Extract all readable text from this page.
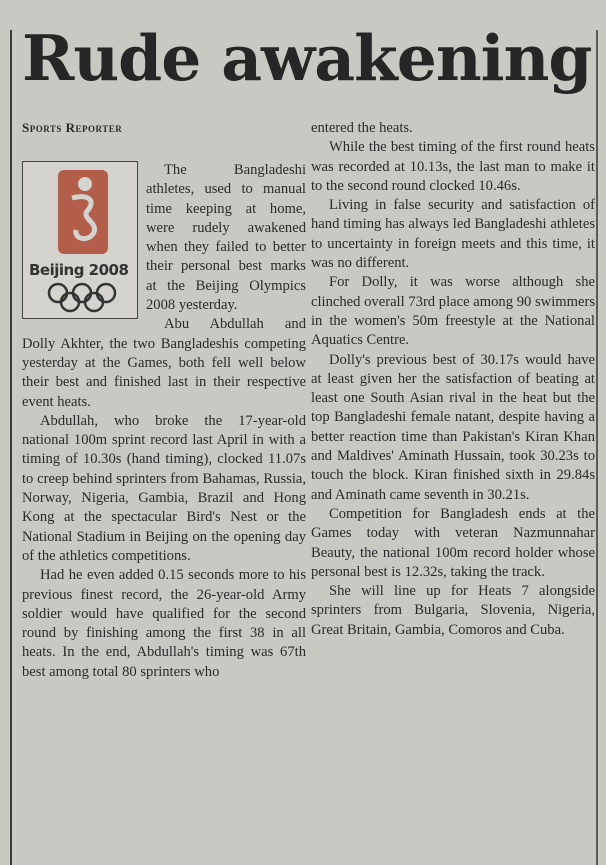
Rude awakening
Sports Reporter
Beijing 2008

The Bangladeshi athletes, used to manual time keeping at home, were rudely awakened when they failed to better their personal best marks at the Beijing Olympics 2008 yesterday.

Abu Abdullah and Dolly Akhter, the two Bangladeshis competing yesterday at the Games, both fell well below their best and finished last in their respective event heats.

Abdullah, who broke the 17-year-old national 100m sprint record last April in with a timing of 10.30s (hand timing), clocked 11.07s to creep behind sprinters from Bahamas, Russia, Norway, Nigeria, Gambia, Brazil and Hong Kong at the spectacular Bird's Nest or the National Stadium in Beijing on the opening day of the athletics competitions.

Had he even added 0.15 seconds more to his previous finest record, the 26-year-old Army soldier would have qualified for the second round by finishing among the first 38 in all heats. In the end, Abdullah's timing was 67th best among total 80 sprinters who

entered the heats.

While the best timing of the first round heats was recorded at 10.13s, the last man to make it to the second round clocked 10.46s.

Living in false security and satisfaction of hand timing has always led Bangladeshi athletes to uncertainty in foreign meets and this time, it was no different.

For Dolly, it was worse although she clinched overall 73rd place among 90 swimmers in the women's 50m freestyle at the National Aquatics Centre.

Dolly's previous best of 30.17s would have at least given her the satisfaction of beating at least one South Asian rival in the heat but the top Bangladeshi female natant, despite having a better reaction time than Pakistan's Kiran Khan and Maldives' Aminath Hussain, took 30.23s to touch the block. Kiran finished sixth in 29.84s and Aminath came seventh in 30.21s.

Competition for Bangladesh ends at the Games today with veteran Nazmunnahar Beauty, the national 100m record holder whose personal best is 12.32s, taking the track.

She will line up for Heats 7 alongside sprinters from Bulgaria, Slovenia, Nigeria, Great Britain, Gambia, Comoros and Cuba.
